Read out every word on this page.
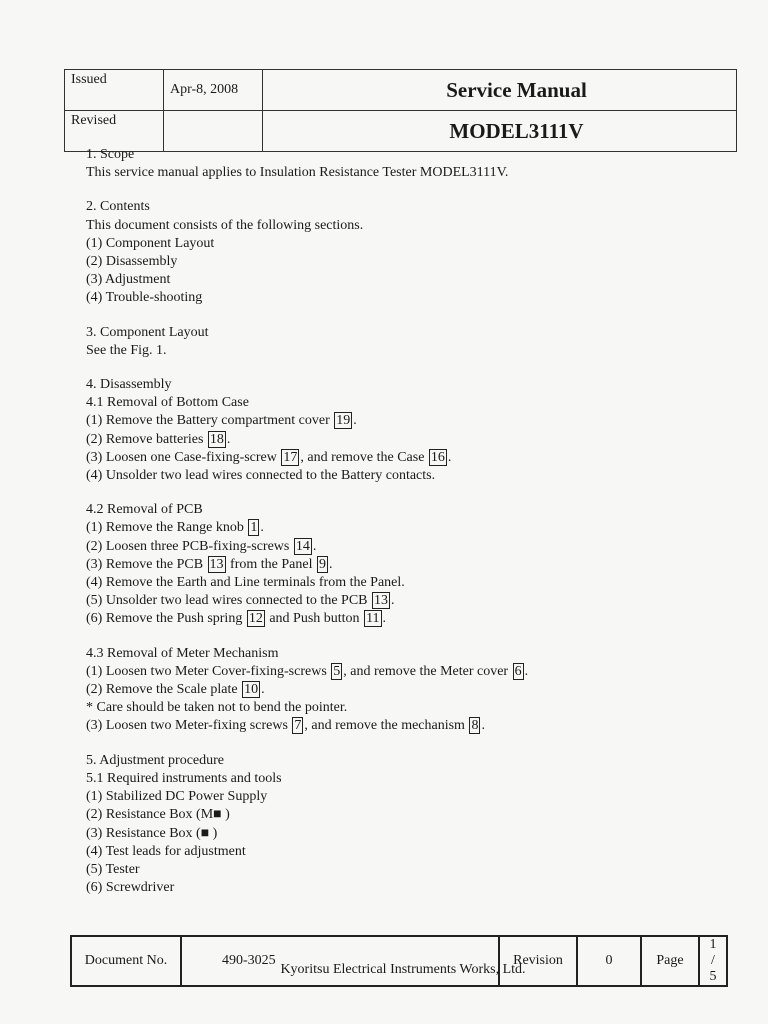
Issued	Apr-8, 2008	Service Manual
Revised		MODEL3111V
1. Scope
This service manual applies to Insulation Resistance Tester MODEL3111V.
2. Contents
This document consists of the following sections.
(1) Component Layout
(2) Disassembly
(3) Adjustment
(4) Trouble-shooting
3. Component Layout
See the Fig. 1.
4. Disassembly
4.1 Removal of Bottom Case
(1) Remove the Battery compartment cover 19 .
(2) Remove batteries 18 .
(3) Loosen one Case-fixing-screw 17 , and remove the Case 16 .
(4) Unsolder two lead wires connected to the Battery contacts.
4.2 Removal of PCB
(1) Remove the Range knob 1 .
(2) Loosen three PCB-fixing-screws 14 .
(3) Remove the PCB 13 from the Panel 9 .
(4) Remove the Earth and Line terminals from the Panel.
(5) Unsolder two lead wires connected to the PCB 13 .
(6) Remove the Push spring 12 and Push button 11 .
4.3 Removal of Meter Mechanism
(1) Loosen two Meter Cover-fixing-screws 5 , and remove the Meter cover 6 .
(2) Remove the Scale plate 10 .
* Care should be taken not to bend the pointer.
(3) Loosen two Meter-fixing screws 7 , and remove the mechanism 8 .
5. Adjustment procedure
5.1 Required instruments and tools
(1) Stabilized DC Power Supply
(2) Resistance Box (M■ )
(3) Resistance Box (■ )
(4) Test leads for adjustment
(5) Tester
(6) Screwdriver
Document No.	490-3025	Revision	0	Page	1 / 5
Kyoritsu Electrical Instruments Works, Ltd.
